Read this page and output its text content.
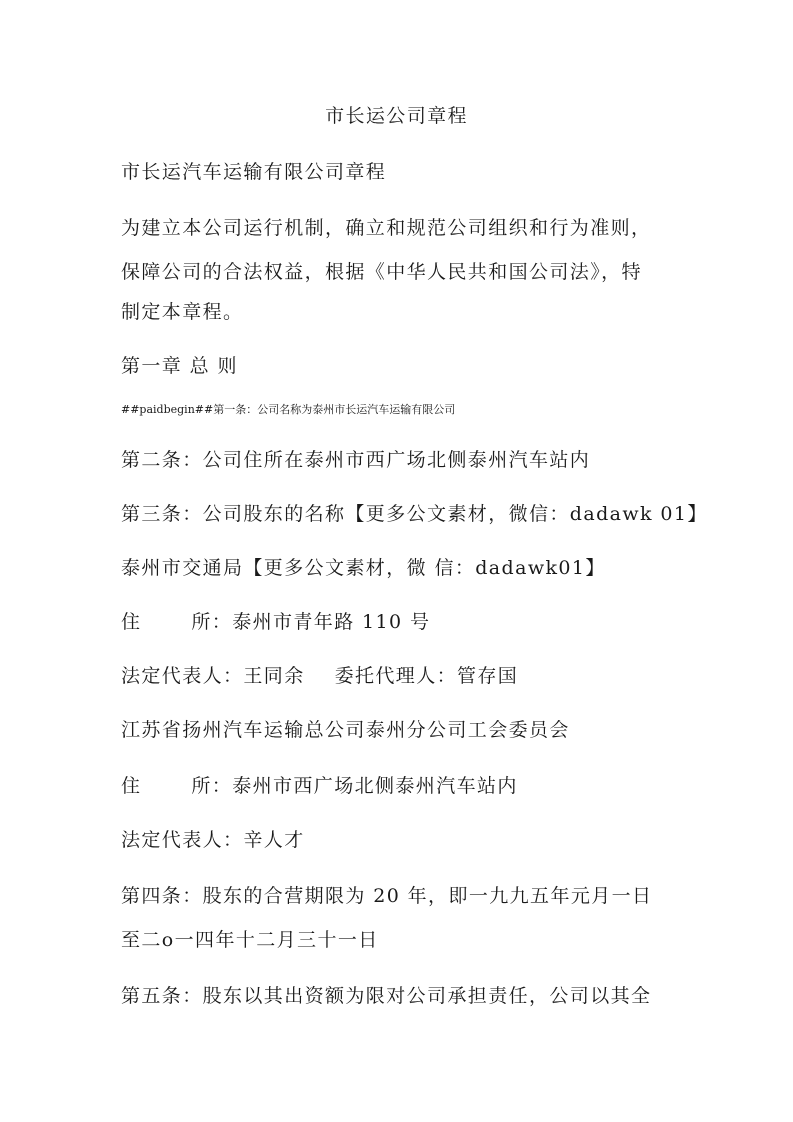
市长运公司章程
市长运汽车运输有限公司章程
为建立本公司运行机制，确立和规范公司组织和行为准则，
保障公司的合法权益，根据《中华人民共和国公司法》，特
制定本章程。
第一章 总 则
##paidbegin##第一条：公司名称为泰州市长运汽车运输有限公司
第二条：公司住所在泰州市西广场北侧泰州汽车站内
第三条：公司股东的名称【更多公文素材，微信：dadawk 01】
泰州市交通局【更多公文素材，微 信：dadawk01】
住	所：泰州市青年路 110 号
法定代表人：王同余 委托代理人：管存国
江苏省扬州汽车运输总公司泰州分公司工会委员会
住	所：泰州市西广场北侧泰州汽车站内
法定代表人：辛人才
第四条：股东的合营期限为 20 年，即一九九五年元月一日
至二o一四年十二月三十一日
第五条：股东以其出资额为限对公司承担责任，公司以其全
